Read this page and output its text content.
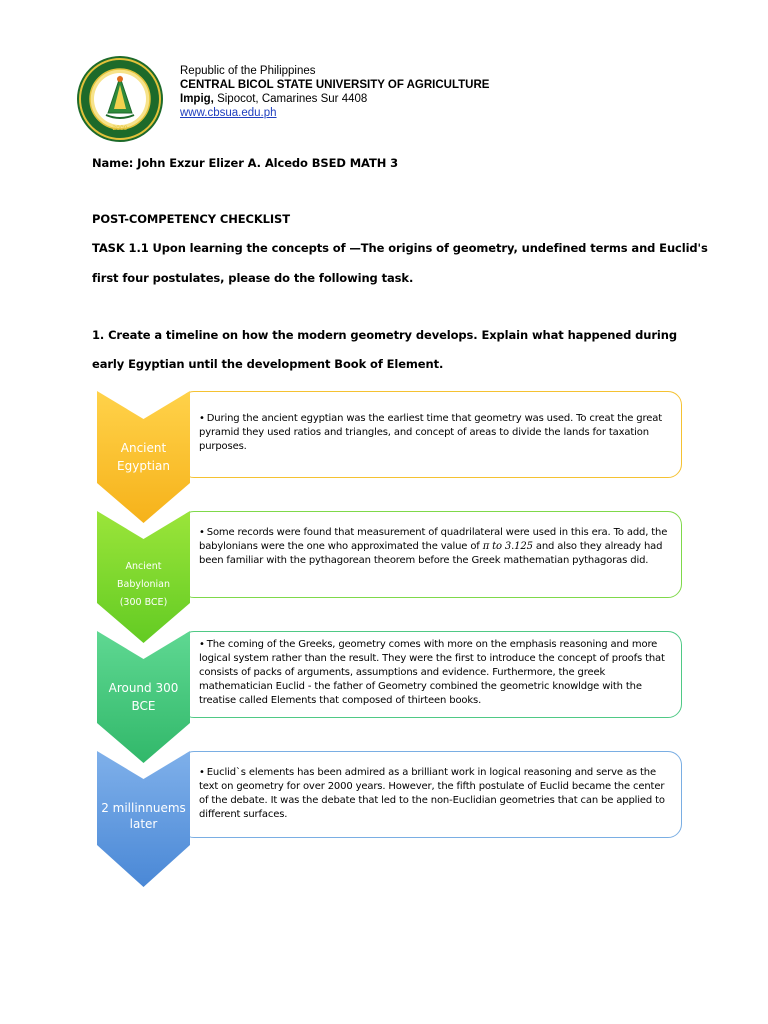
2009
Republic of the Philippines
CENTRAL BICOL STATE UNIVERSITY OF AGRICULTURE
Impig, Sipocot, Camarines Sur 4408
www.cbsua.edu.ph
Name: John Exzur Elizer A. Alcedo BSED MATH 3
POST-COMPETENCY CHECKLIST
TASK 1.1 Upon learning the concepts of —The origins of geometry, undefined terms and Euclid's
first four postulates, please do the following task.
1. Create a timeline on how the modern geometry develops. Explain what happened during
early Egyptian until the development Book of Element.
• During the ancient egyptian was the earliest time that geometry was used. To creat the great pyramid they used ratios and triangles, and concept of areas to divide the lands for taxation purposes.
Ancient
Egyptian
• Some records were found that measurement of quadrilateral were used in this era. To add, the babylonians were the one who approximated the value of π to 3.125 and also they already had been familiar with the pythagorean theorem before the Greek mathematian pythagoras did.
Ancient
Babylonian
(300 BCE)
• The coming of the Greeks, geometry comes with more on the emphasis reasoning and more logical system rather than the result. They were the first to introduce the concept of proofs that consists of packs of arguments, assumptions and evidence. Furthermore, the greek mathematician Euclid - the father of Geometry combined the geometric knowldge with the treatise called Elements that composed of thirteen books.
Around 300
BCE
• Euclid`s elements has been admired as a brilliant work in logical reasoning and serve as the text on geometry for over 2000 years. However, the fifth postulate of Euclid became the center of the debate. It was the debate that led to the non-Euclidian geometries that can be applied to different surfaces.
2 millinnuems
later
